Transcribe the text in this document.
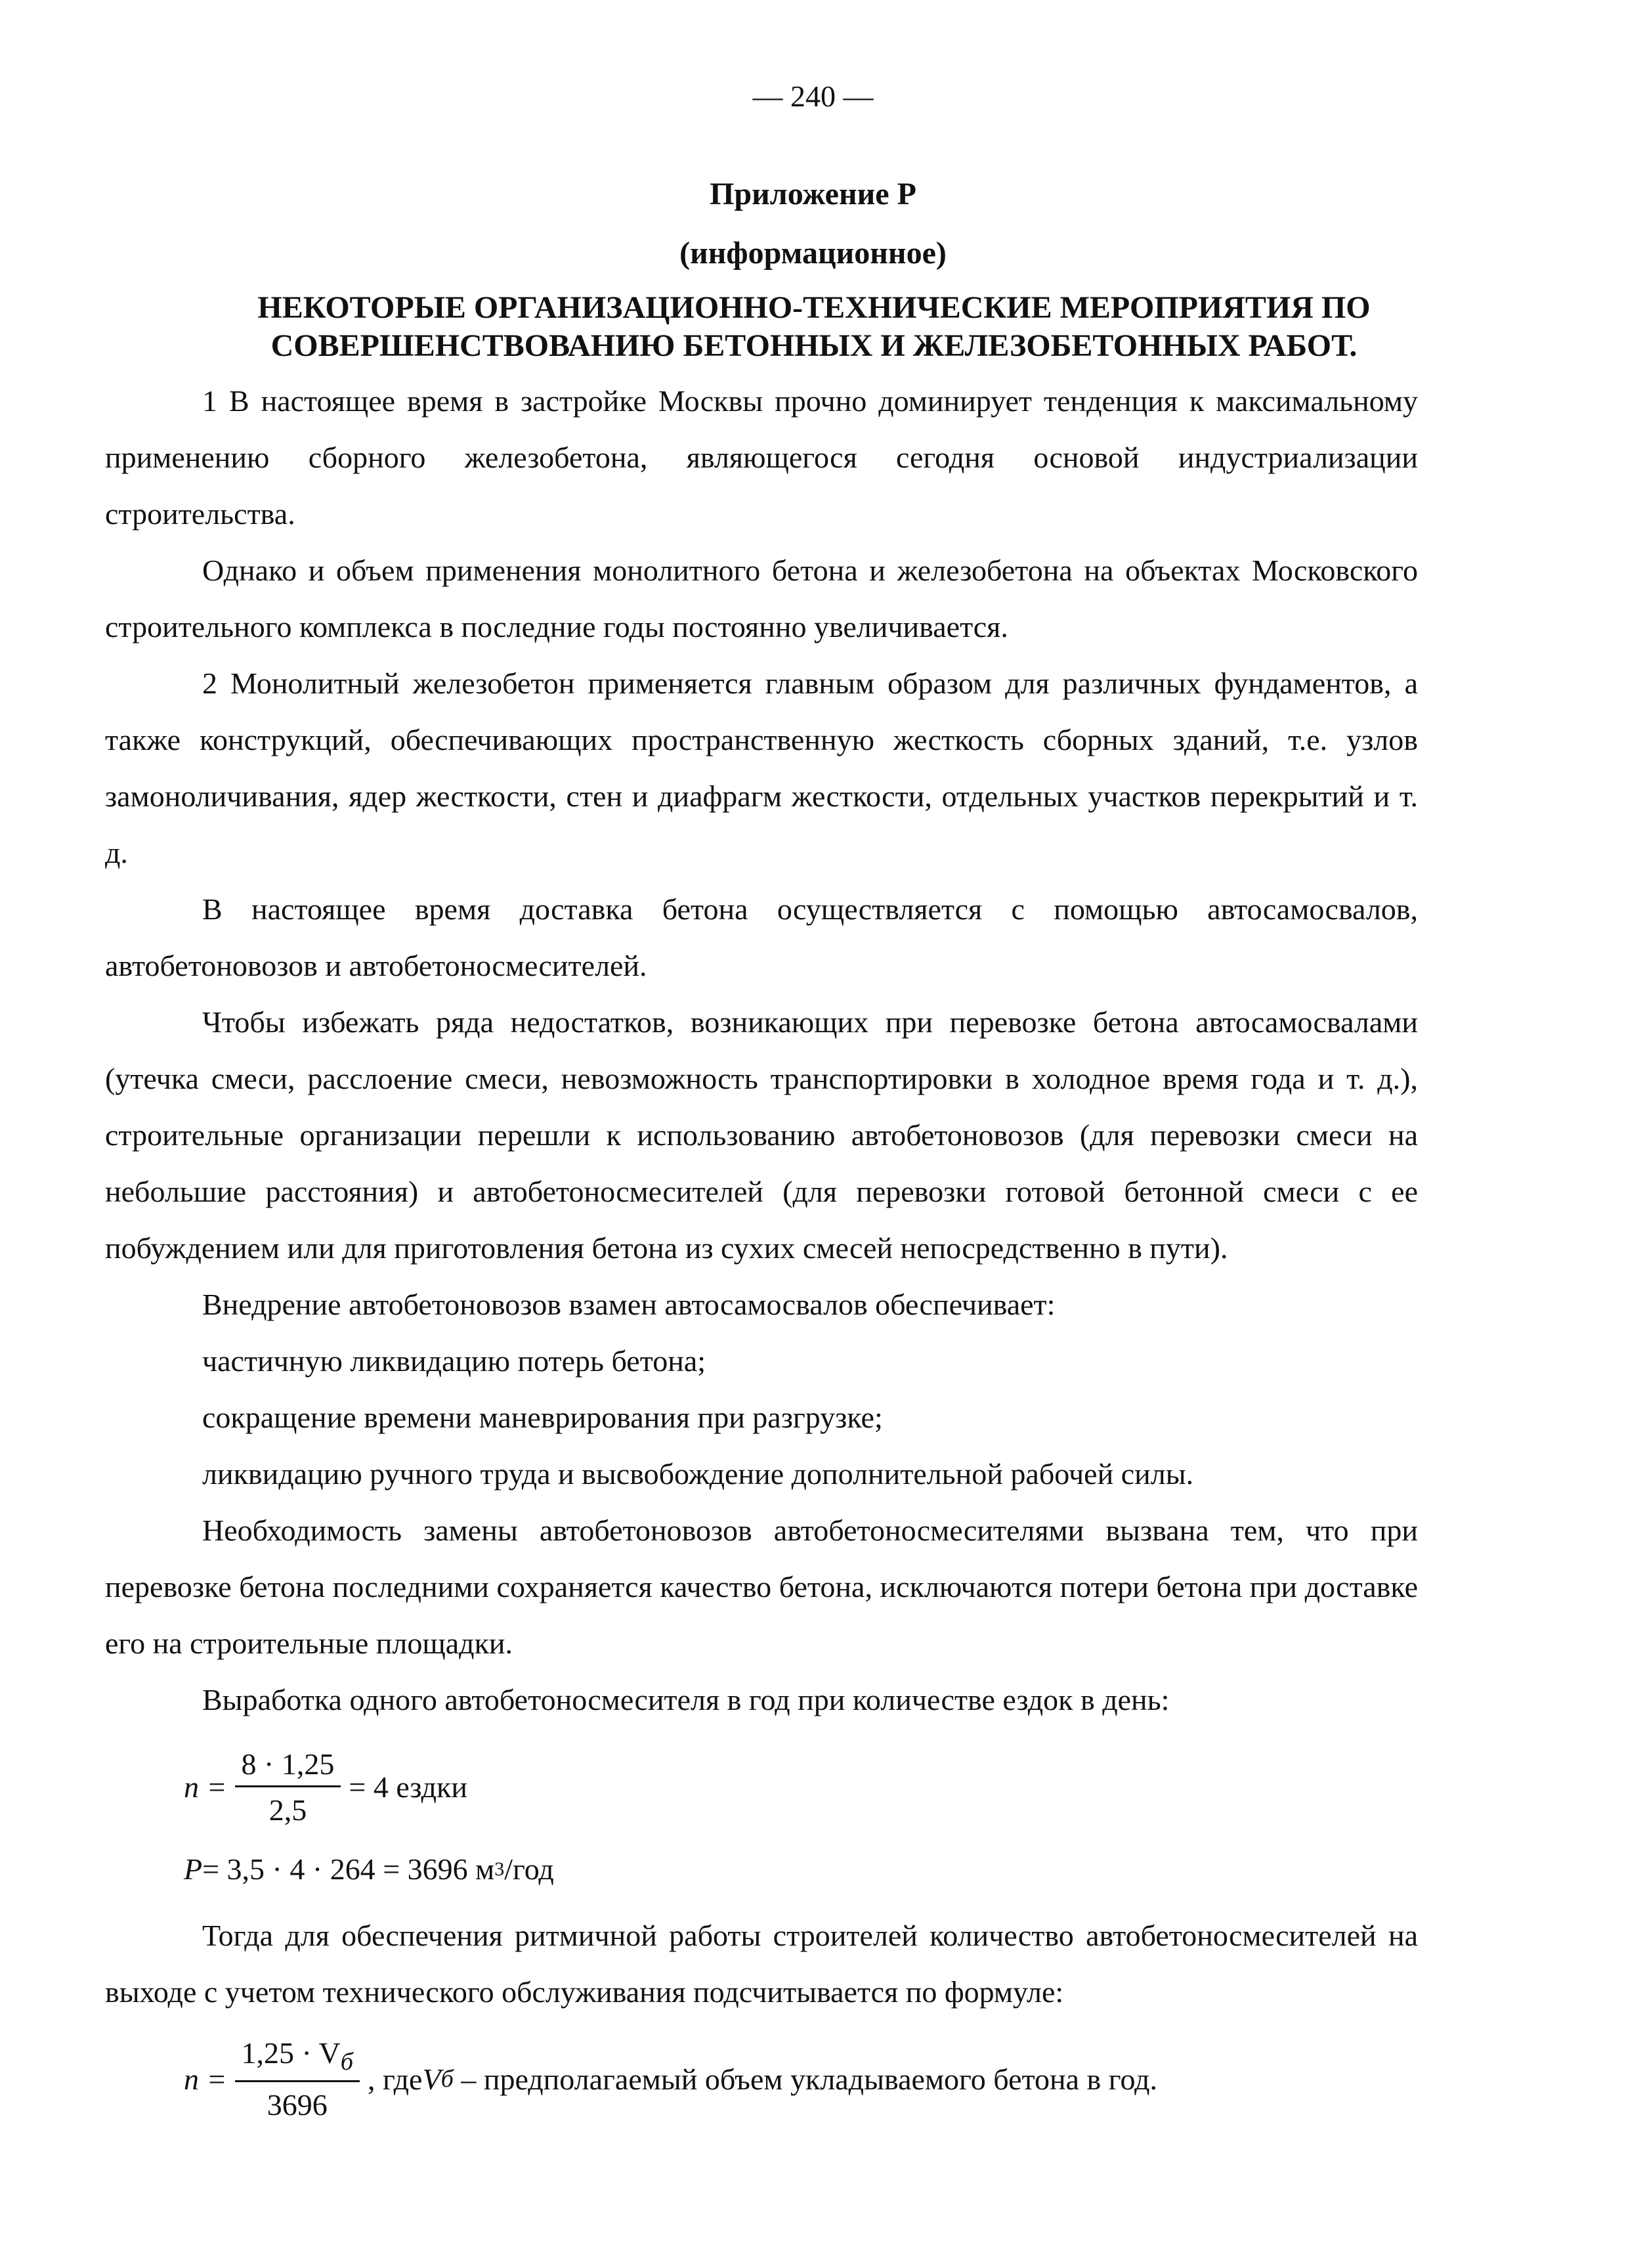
— 240 —
Приложение Р
(информационное)
НЕКОТОРЫЕ ОРГАНИЗАЦИОННО-ТЕХНИЧЕСКИЕ МЕРОПРИЯТИЯ ПО СОВЕРШЕНСТВОВАНИЮ БЕТОННЫХ И ЖЕЛЕЗОБЕТОННЫХ РАБОТ.

1 В настоящее время в застройке Москвы прочно доминирует тенденция к максимальному применению сборного железобетона, являющегося сегодня основой индустриализации строительства.

Однако и объем применения монолитного бетона и железобетона на объектах Московского строительного комплекса в последние годы постоянно увеличивается.

2 Монолитный железобетон применяется главным образом для различных фундаментов, а также конструкций, обеспечивающих пространственную жесткость сборных зданий, т.е. узлов замоноличивания, ядер жесткости, стен и диафрагм жесткости, отдельных участков перекрытий и т. д.

В настоящее время доставка бетона осуществляется с помощью автосамосвалов, автобетоновозов и автобетоносмесителей.

Чтобы избежать ряда недостатков, возникающих при перевозке бетона автосамосвалами (утечка смеси, расслоение смеси, невозможность транспортировки в холодное время года и т. д.), строительные организации перешли к использованию автобетоновозов (для перевозки смеси на небольшие расстояния) и автобетоносмесителей (для перевозки готовой бетонной смеси с ее побуждением или для приготовления бетона из сухих смесей непосредственно в пути).

Внедрение автобетоновозов взамен автосамосвалов обеспечивает:

частичную ликвидацию потерь бетона;

сокращение времени маневрирования при разгрузке;

ликвидацию ручного труда и высвобождение дополнительной рабочей силы.

Необходимость замены автобетоновозов автобетоносмесителями вызвана тем, что при перевозке бетона последними сохраняется качество бетона, исключаются потери бетона при доставке его на строительные площадки.

Выработка одного автобетоносмесителя в год при количестве ездок в день:

$n = \frac{8 \cdot 1,25}{2,5} = 4$ ездки
P = 3,5 · 4 · 264 = 3696 м 3 /год

Тогда для обеспечения ритмичной работы строителей количество автобетоносмесителей на выходе с учетом технического обслуживания подсчитывается по формуле:

$n = \frac{1,25 \cdot V_б}{3696}$ , где V б – предполагаемый объем укладываемого бетона в год.
